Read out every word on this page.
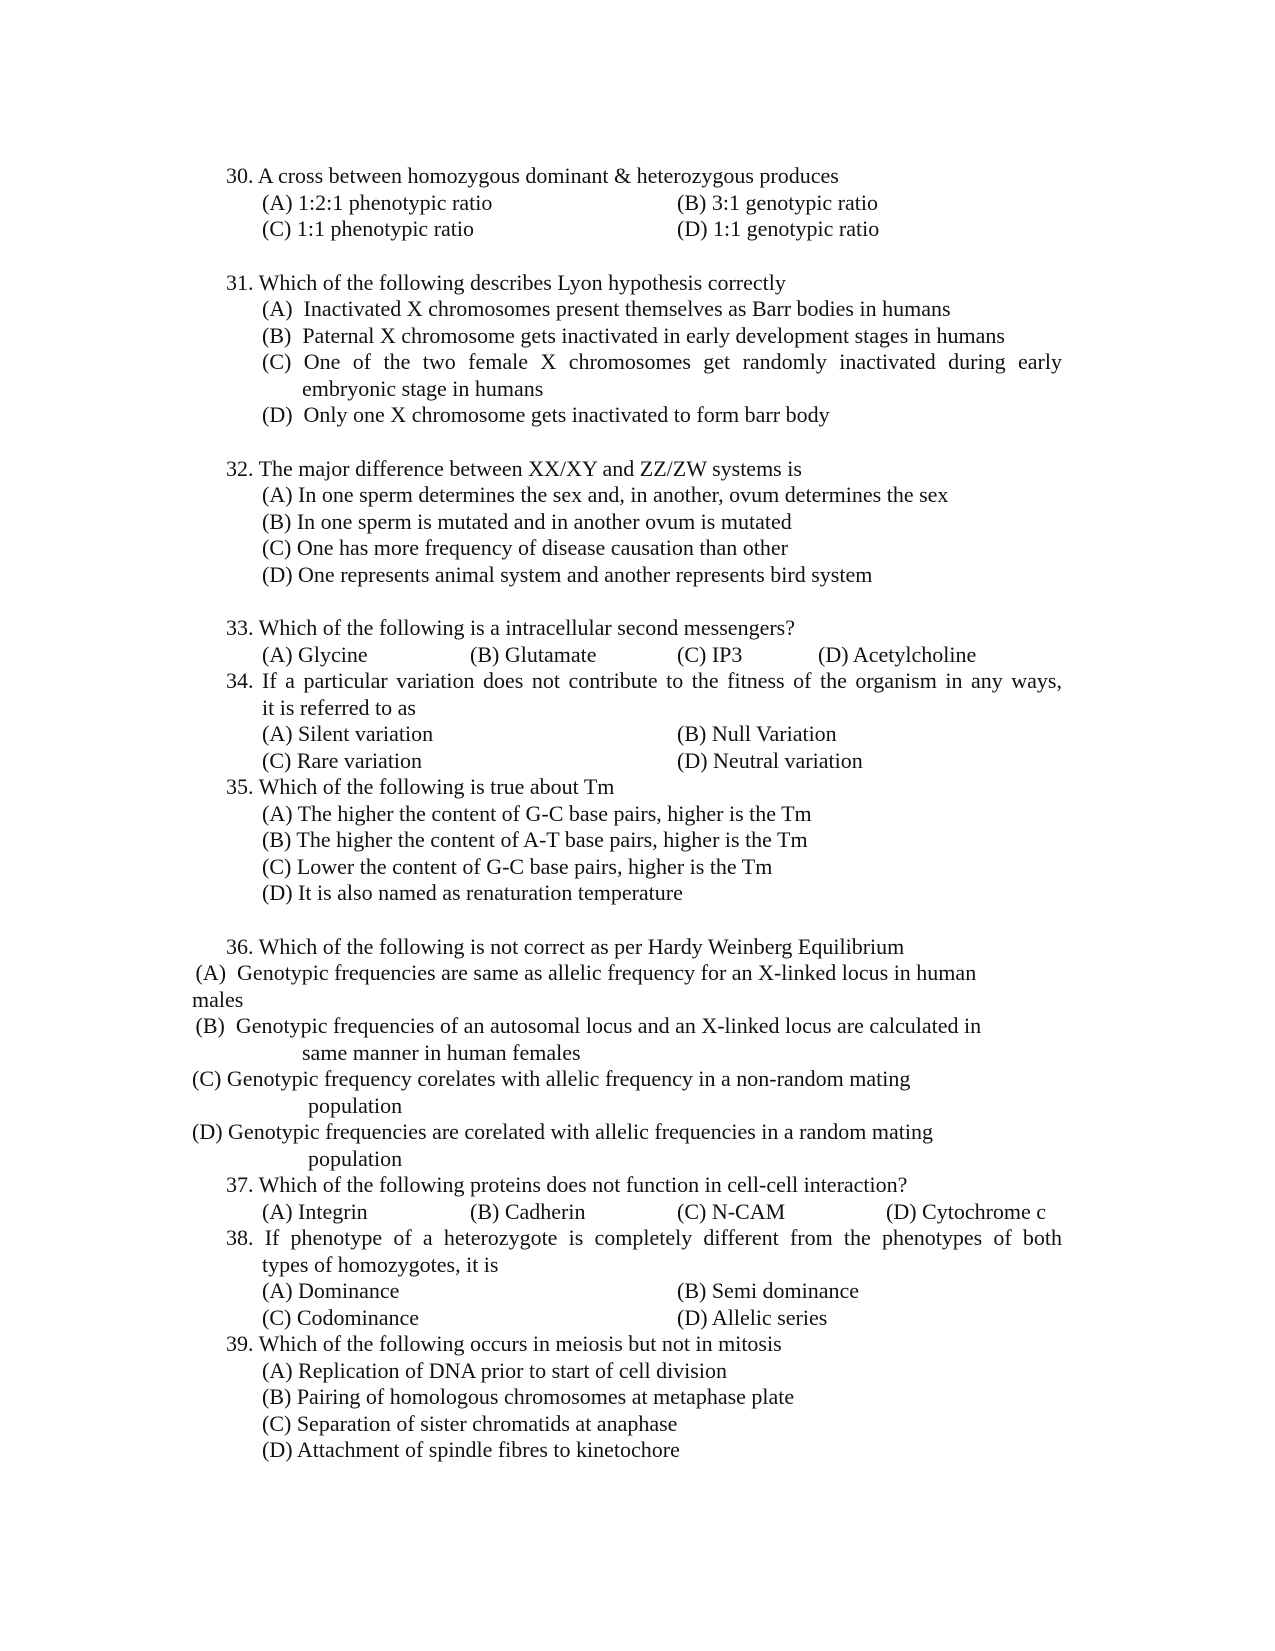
30. A cross between homozygous dominant & heterozygous produces
(A) 1:2:1 phenotypic ratio	(B) 3:1 genotypic ratio
(C) 1:1 phenotypic ratio	(D) 1:1 genotypic ratio
31. Which of the following describes Lyon hypothesis correctly
(A)  Inactivated X chromosomes present themselves as Barr bodies in humans
(B)  Paternal X chromosome gets inactivated in early development stages in humans
(C) One of the two female X chromosomes get randomly inactivated during early
embryonic stage in humans
(D)  Only one X chromosome gets inactivated to form barr body
32. The major difference between XX/XY and ZZ/ZW systems is
(A) In one sperm determines the sex and, in another, ovum determines the sex
(B) In one sperm is mutated and in another ovum is mutated
(C) One has more frequency of disease causation than other
(D) One represents animal system and another represents bird system
33. Which of the following is a intracellular second messengers?
(A) Glycine	(B) Glutamate	(C) IP3	(D) Acetylcholine
34. If a particular variation does not contribute to the fitness of the organism in any ways,
it is referred to as
(A) Silent variation	(B) Null Variation
(C) Rare variation	(D) Neutral variation
35. Which of the following is true about Tm
(A) The higher the content of G-C base pairs, higher is the Tm
(B) The higher the content of A-T base pairs, higher is the Tm
(C) Lower the content of G-C base pairs, higher is the Tm
(D) It is also named as renaturation temperature
36. Which of the following is not correct as per Hardy Weinberg Equilibrium
(A)  Genotypic frequencies are same as allelic frequency for an X-linked locus in human
males
(B)  Genotypic frequencies of an autosomal locus and an X-linked locus are calculated in
same manner in human females
(C) Genotypic frequency corelates with allelic frequency in a non-random mating
population
(D) Genotypic frequencies are corelated with allelic frequencies in a random mating
population
37. Which of the following proteins does not function in cell-cell interaction?
(A) Integrin	(B) Cadherin	(C) N-CAM	(D) Cytochrome c
38. If phenotype of a heterozygote is completely different from the phenotypes of both
types of homozygotes, it is
(A) Dominance	(B) Semi dominance
(C) Codominance	(D) Allelic series
39. Which of the following occurs in meiosis but not in mitosis
(A) Replication of DNA prior to start of cell division
(B) Pairing of homologous chromosomes at metaphase plate
(C) Separation of sister chromatids at anaphase
(D) Attachment of spindle fibres to kinetochore
